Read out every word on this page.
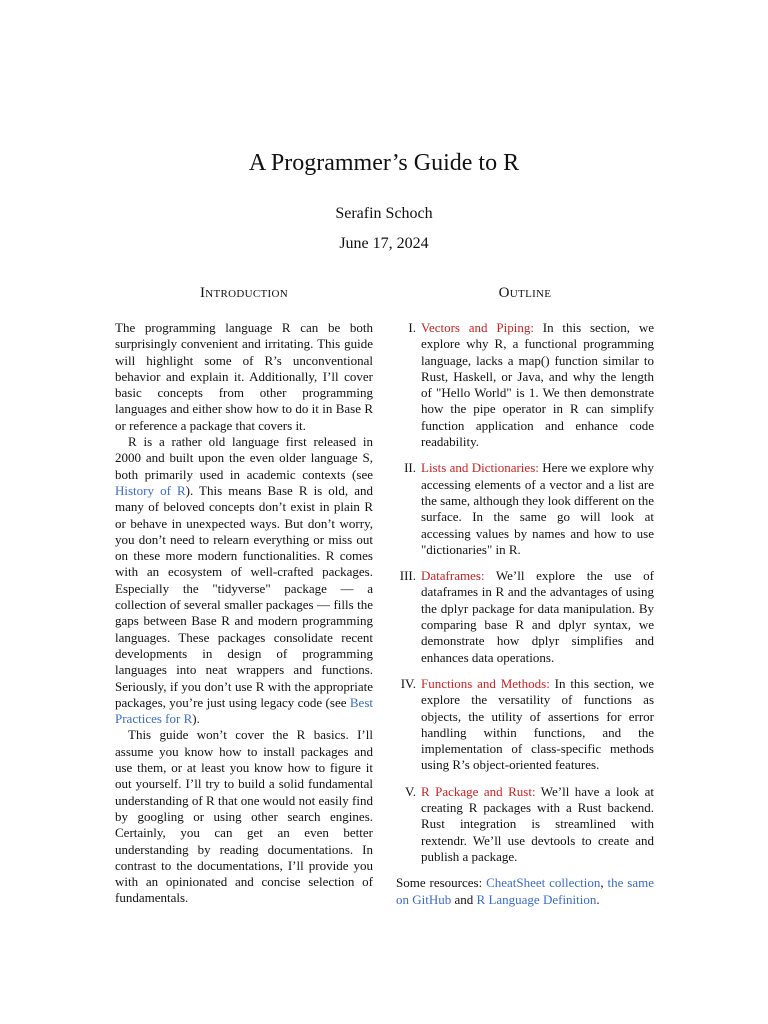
A Programmer’s Guide to R
Serafin Schoch
June 17, 2024
Introduction

The programming language R can be both surprisingly convenient and irritating. This guide will highlight some of R’s unconventional behavior and explain it. Additionally, I’ll cover basic concepts from other programming languages and either show how to do it in Base R or reference a package that covers it.

R is a rather old language first released in 2000 and built upon the even older language S, both primarily used in academic contexts (see History of R). This means Base R is old, and many of beloved concepts don’t exist in plain R or behave in unexpected ways. But don’t worry, you don’t need to relearn everything or miss out on these more modern functionalities. R comes with an ecosystem of well-crafted packages. Especially the "tidyverse" package — a collection of several smaller packages — fills the gaps between Base R and modern programming languages. These packages consolidate recent developments in design of programming languages into neat wrappers and functions. Seriously, if you don’t use R with the appropriate packages, you’re just using legacy code (see Best Practices for R).

This guide won’t cover the R basics. I’ll assume you know how to install packages and use them, or at least you know how to figure it out yourself. I’ll try to build a solid fundamental understanding of R that one would not easily find by googling or using other search engines. Certainly, you can get an even better understanding by reading documentations. In contrast to the documentations, I’ll provide you with an opinionated and concise selection of fundamentals.

Outline
I. Vectors and Piping: In this section, we explore why R, a functional programming language, lacks a map() function similar to Rust, Haskell, or Java, and why the length of "Hello World" is 1. We then demonstrate how the pipe operator in R can simplify function application and enhance code readability.
II. Lists and Dictionaries: Here we explore why accessing elements of a vector and a list are the same, although they look different on the surface. In the same go will look at accessing values by names and how to use "dictionaries" in R.
III. Dataframes: We’ll explore the use of dataframes in R and the advantages of using the dplyr package for data manipulation. By comparing base R and dplyr syntax, we demonstrate how dplyr simplifies and enhances data operations.
IV. Functions and Methods: In this section, we explore the versatility of functions as objects, the utility of assertions for error handling within functions, and the implementation of class-specific methods using R’s object-oriented features.
V. R Package and Rust: We’ll have a look at creating R packages with a Rust backend. Rust integration is streamlined with rextendr. We’ll use devtools to create and publish a package.

Some resources: CheatSheet collection, the same on GitHub and R Language Definition.
